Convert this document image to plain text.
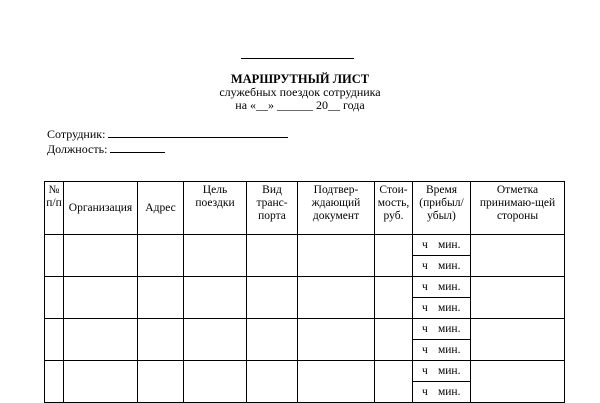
МАРШРУТНЫЙ ЛИСТ
служебных поездок сотрудника
на «__» ______ 20__ года
Сотрудник:
Должность:
№ п/п	Организация	Адрес	Цель поездки	Вид транс-порта	Подтвер-ждающий документ	Стои-мость, руб.	Время (прибыл/ убыл)	Отметка принимаю-щей стороны
							ч мин.	
							ч мин.	
							ч мин.	
							ч мин.	
							ч мин.	
							ч мин.	
							ч мин.	
							ч мин.	
